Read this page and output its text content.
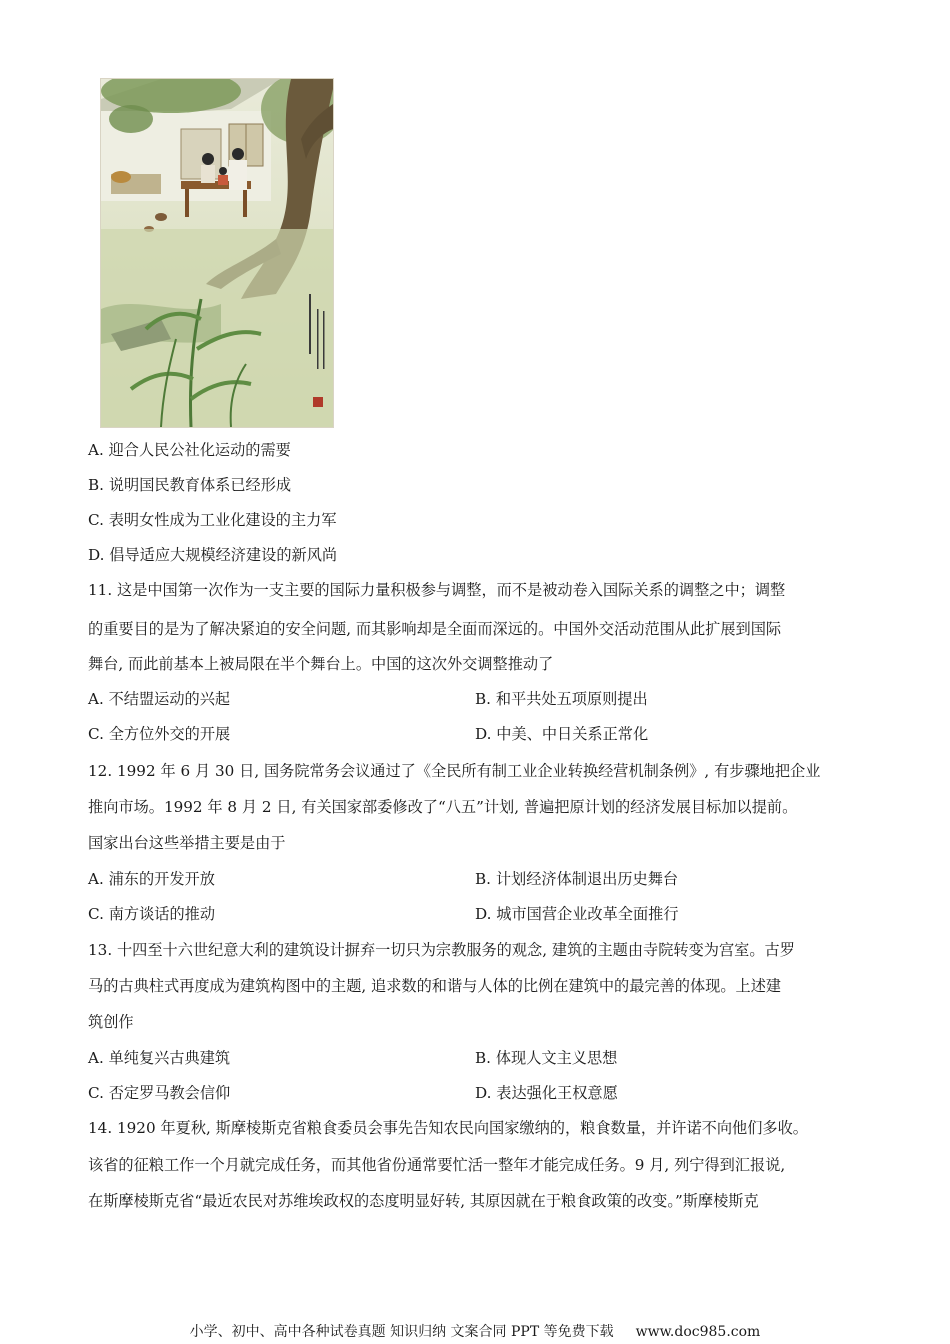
A. 迎合人民公社化运动的需要
B. 说明国民教育体系已经形成
C. 表明女性成为工业化建设的主力军
D. 倡导适应大规模经济建设的新风尚
11. 这是中国第一次作为一支主要的国际力量积极参与调整，而不是被动卷入国际关系的调整之中；调整
的重要目的是为了解决紧迫的安全问题, 而其影响却是全面而深远的。中国外交活动范围从此扩展到国际
舞台, 而此前基本上被局限在半个舞台上。中国的这次外交调整推动了
A. 不结盟运动的兴起	B. 和平共处五项原则提出
C. 全方位外交的开展	D. 中美、中日关系正常化
12. 1992 年 6 月 30 日, 国务院常务会议通过了《全民所有制工业企业转换经营机制条例》, 有步骤地把企业
推向市场。1992 年 8 月 2 日, 有关国家部委修改了“八五”计划, 普遍把原计划的经济发展目标加以提前。
国家出台这些举措主要是由于
A. 浦东的开发开放	B. 计划经济体制退出历史舞台
C. 南方谈话的推动	D. 城市国营企业改革全面推行
13. 十四至十六世纪意大利的建筑设计摒弃一切只为宗教服务的观念, 建筑的主题由寺院转变为宫室。古罗
马的古典柱式再度成为建筑构图中的主题, 追求数的和谐与人体的比例在建筑中的最完善的体现。上述建
筑创作
A. 单纯复兴古典建筑	B. 体现人文主义思想
C. 否定罗马教会信仰	D. 表达强化王权意愿
14. 1920 年夏秋, 斯摩棱斯克省粮食委员会事先告知农民向国家缴纳的，粮食数量，并许诺不向他们多收。
该省的征粮工作一个月就完成任务，而其他省份通常要忙活一整年才能完成任务。9 月, 列宁得到汇报说,
在斯摩棱斯克省“最近农民对苏维埃政权的态度明显好转, 其原因就在于粮食政策的改变。”斯摩棱斯克
小学、初中、高中各种试卷真题 知识归纳 文案合同 PPT 等免费下载 www.doc985.com
